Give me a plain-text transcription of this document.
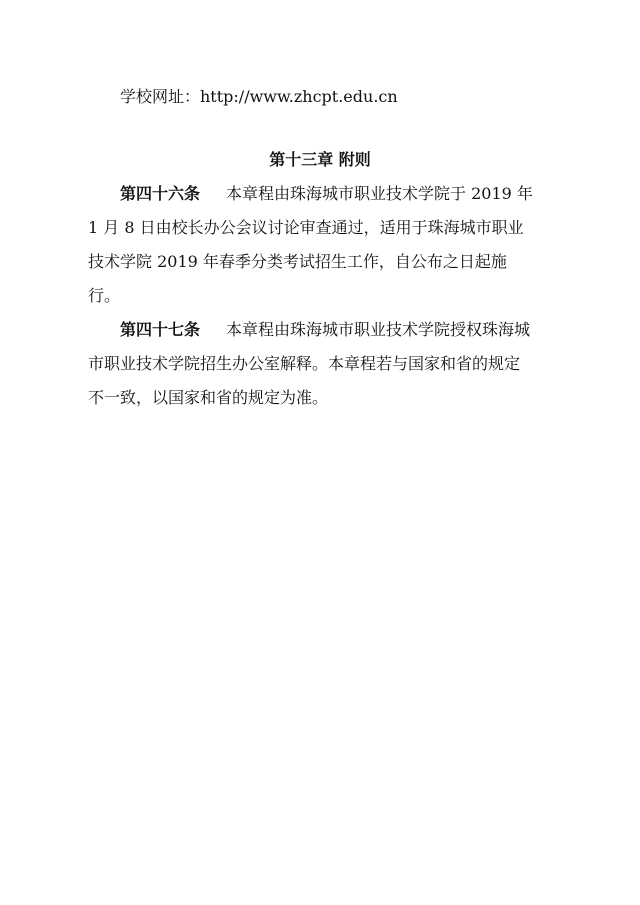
学校网址：http://www.zhcpt.edu.cn
第十三章 附则
第四十六条 本章程由珠海城市职业技术学院于 2019 年
1 月 8 日由校长办公会议讨论审查通过，适用于珠海城市职业
技术学院 2019 年春季分类考试招生工作，自公布之日起施
行。
第四十七条 本章程由珠海城市职业技术学院授权珠海城
市职业技术学院招生办公室解释。本章程若与国家和省的规定
不一致，以国家和省的规定为准。
